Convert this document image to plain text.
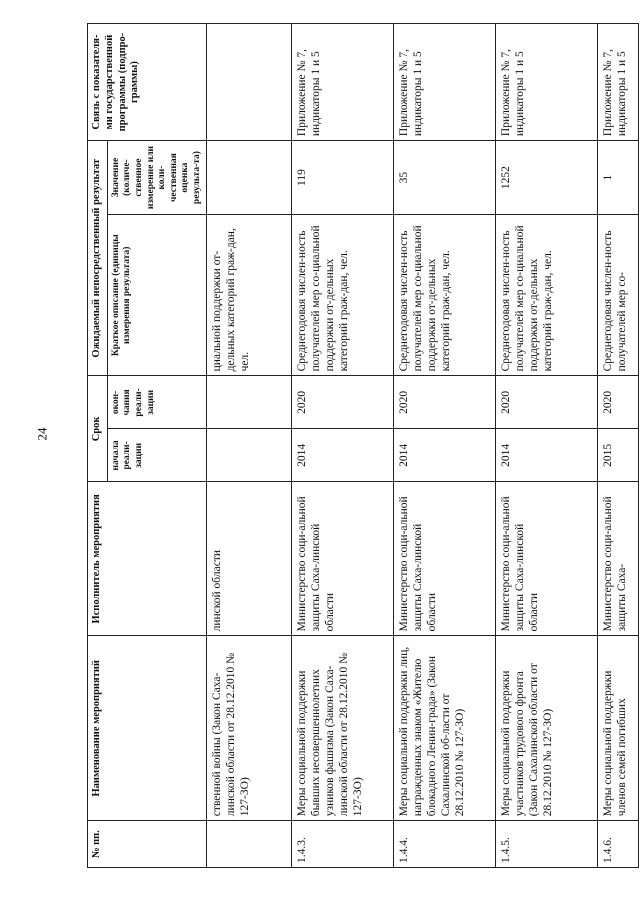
24
№ пп.	Наименование мероприятий	Исполнитель мероприятия	Срок		Ожидаемый непосредственный результат		Связь с показателя-ми государственной программы (подпро-граммы)
			начала реали-зации	окон-чания реали-зации	Краткое описание (единицы измерения результата)	Значение (количе-ственное измерение или коли-чественная оценка результа-та)	
	ственной войны (Закон Саха-линской области от 28.12.2010 № 127-ЗО)	линской области			циальной поддержки от-дельных категорий граж-дан, чел.		
1.4.3.	Меры социальной поддержки бывших несовершеннолетних узников фашизма (Закон Саха-линской области от 28.12.2010 № 127-ЗО)	Министерство соци-альной защиты Саха-линской области	2014	2020	Среднегодовая числен-ность получателей мер со-циальной поддержки от-дельных категорий граж-дан, чел.	119	Приложение № 7, индикаторы 1 и 5
1.4.4.	Меры социальной поддержки лиц, награжденных знаком «Жителю блокадного Ленин-града» (Закон Сахалинской об-ласти от 28.12.2010 № 127-ЗО)	Министерство соци-альной защиты Саха-линской области	2014	2020	Среднегодовая числен-ность получателей мер со-циальной поддержки от-дельных категорий граж-дан, чел.	35	Приложение № 7, индикаторы 1 и 5
1.4.5.	Меры социальной поддержки участников трудового фронта (Закон Сахалинской области от 28.12.2010 № 127-ЗО)	Министерство соци-альной защиты Саха-линской области	2014	2020	Среднегодовая числен-ность получателей мер со-циальной поддержки от-дельных категорий граж-дан, чел.	1252	Приложение № 7, индикаторы 1 и 5
1.4.6.	Меры социальной поддержки членов семей погибших	Министерство соци-альной защиты Саха-	2015	2020	Среднегодовая числен-ность получателей мер со-	1	Приложение № 7, индикаторы 1 и 5
